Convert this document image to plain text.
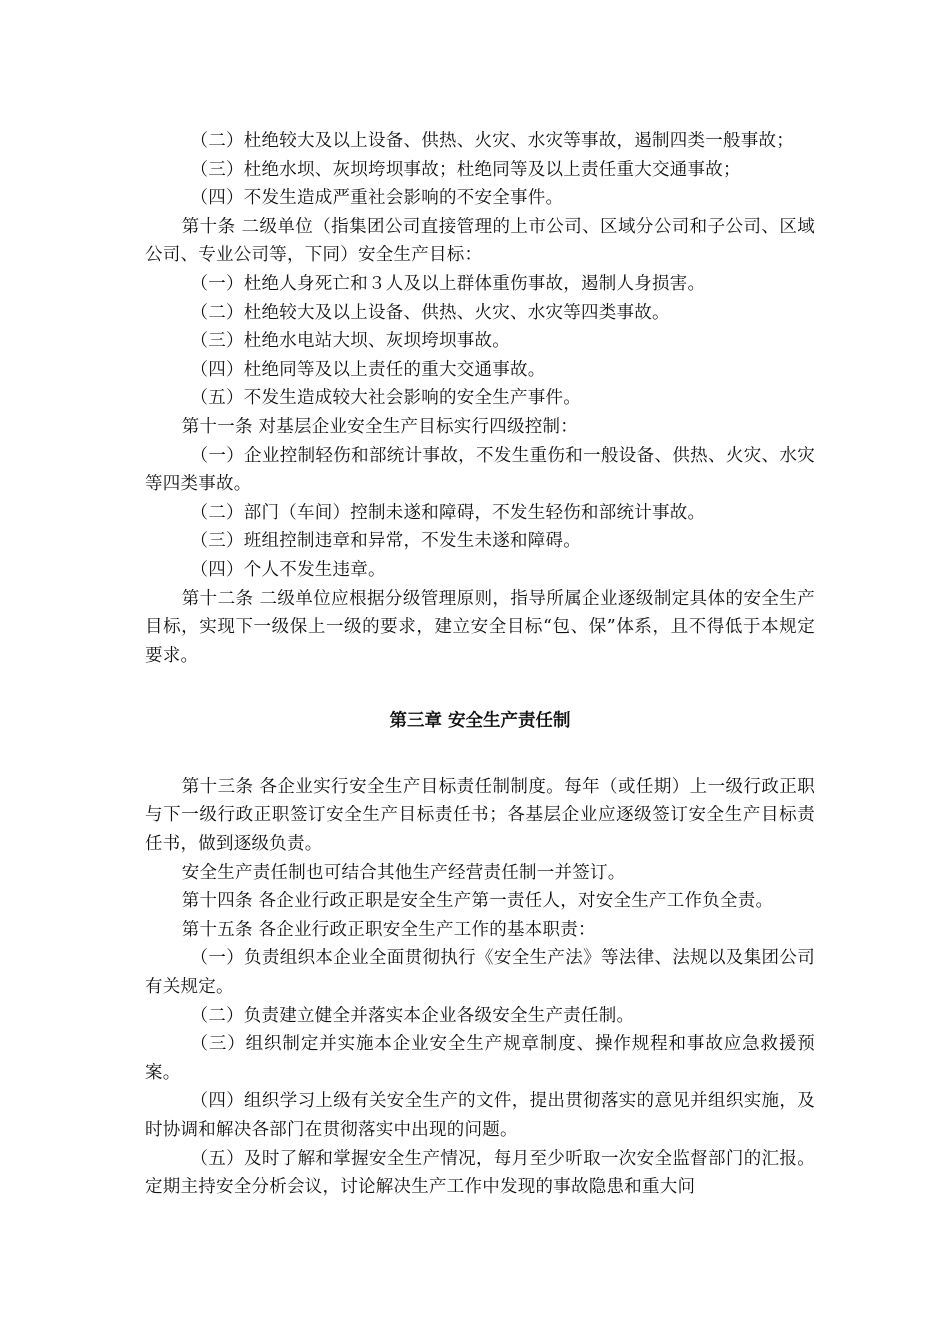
（二）杜绝较大及以上设备、供热、火灾、水灾等事故，遏制四类一般事故；

（三）杜绝水坝、灰坝垮坝事故；杜绝同等及以上责任重大交通事故；

（四）不发生造成严重社会影响的不安全事件。

第十条 二级单位（指集团公司直接管理的上市公司、区域分公司和子公司、区域公司、专业公司等，下同）安全生产目标：

（一）杜绝人身死亡和３人及以上群体重伤事故，遏制人身损害。

（二）杜绝较大及以上设备、供热、火灾、水灾等四类事故。

（三）杜绝水电站大坝、灰坝垮坝事故。

（四）杜绝同等及以上责任的重大交通事故。

（五）不发生造成较大社会影响的安全生产事件。

第十一条 对基层企业安全生产目标实行四级控制：

（一）企业控制轻伤和部统计事故，不发生重伤和一般设备、供热、火灾、水灾等四类事故。

（二）部门（车间）控制未遂和障碍，不发生轻伤和部统计事故。

（三）班组控制违章和异常，不发生未遂和障碍。

（四）个人不发生违章。

第十二条 二级单位应根据分级管理原则，指导所属企业逐级制定具体的安全生产目标，实现下一级保上一级的要求，建立安全目标“包、保”体系，且不得低于本规定要求。

第三章 安全生产责任制

第十三条 各企业实行安全生产目标责任制制度。每年（或任期）上一级行政正职与下一级行政正职签订安全生产目标责任书；各基层企业应逐级签订安全生产目标责任书，做到逐级负责。

安全生产责任制也可结合其他生产经营责任制一并签订。

第十四条 各企业行政正职是安全生产第一责任人，对安全生产工作负全责。

第十五条 各企业行政正职安全生产工作的基本职责：

（一）负责组织本企业全面贯彻执行《安全生产法》等法律、法规以及集团公司有关规定。

（二）负责建立健全并落实本企业各级安全生产责任制。

（三）组织制定并实施本企业安全生产规章制度、操作规程和事故应急救援预案。

（四）组织学习上级有关安全生产的文件，提出贯彻落实的意见并组织实施，及时协调和解决各部门在贯彻落实中出现的问题。

（五）及时了解和掌握安全生产情况，每月至少听取一次安全监督部门的汇报。定期主持安全分析会议，讨论解决生产工作中发现的事故隐患和重大问
